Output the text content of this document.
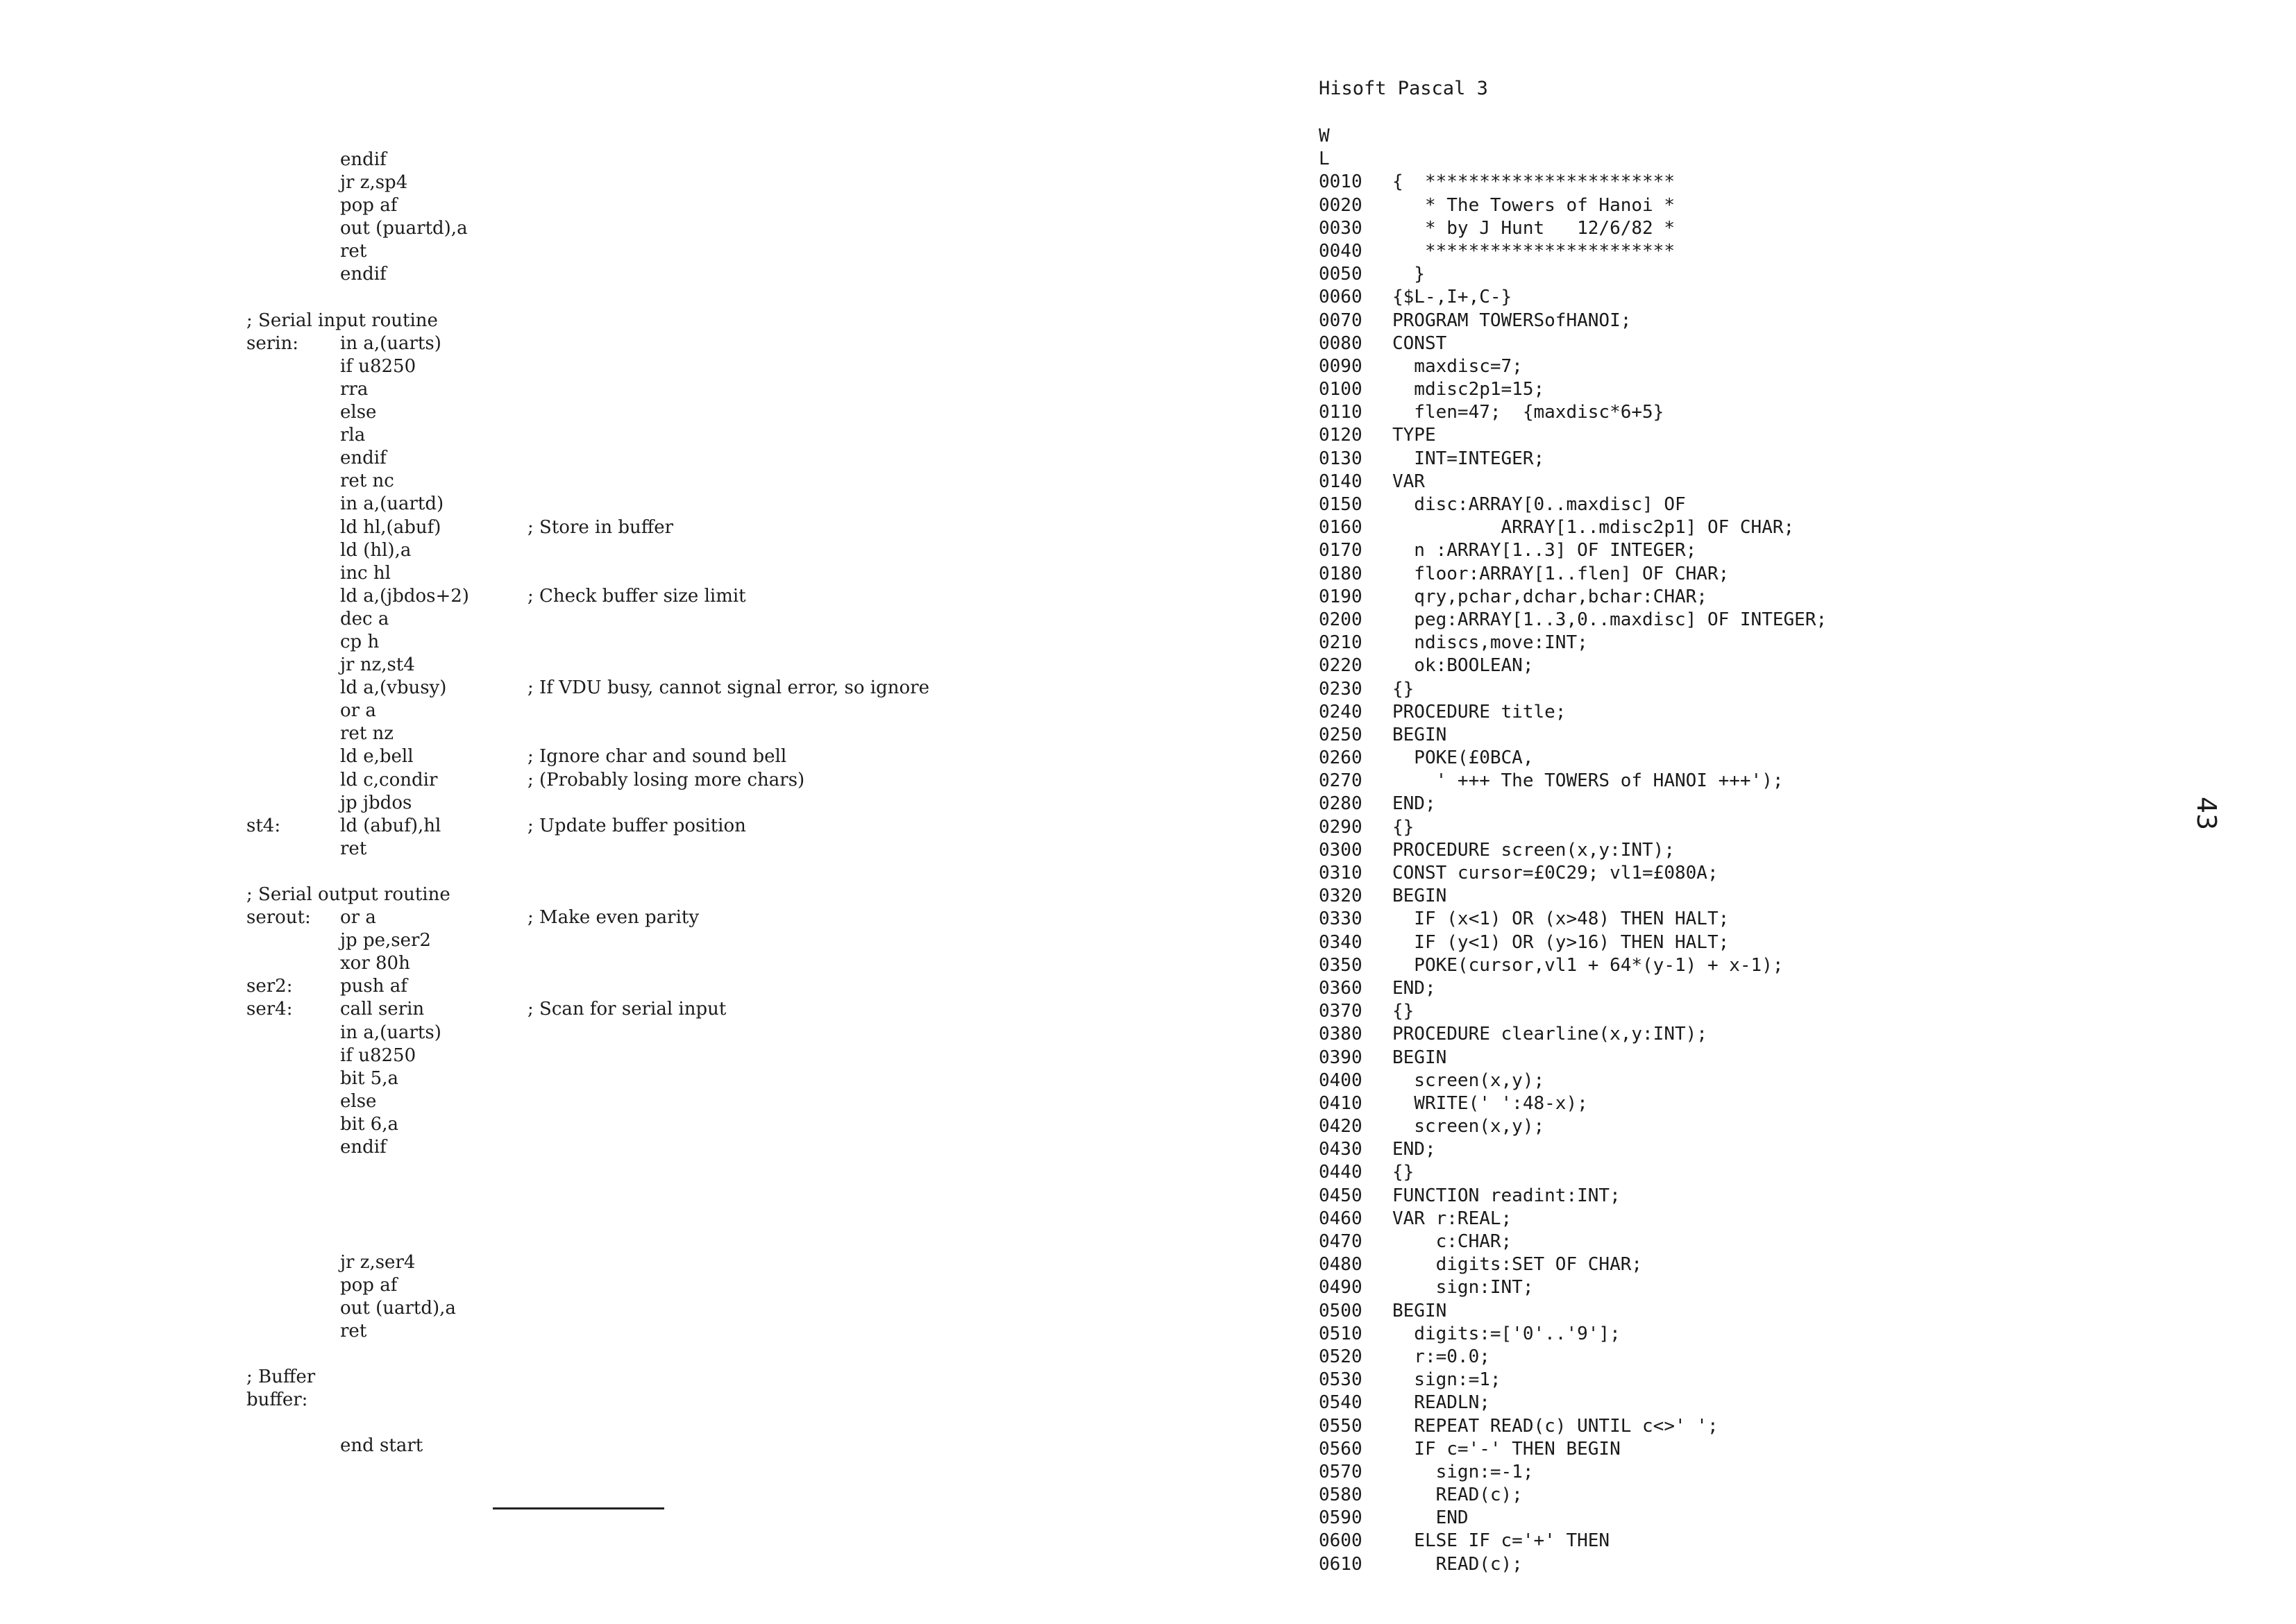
endif
jr z,sp4
pop af
out (puartd),a
ret
endif
; Serial input routine
serin:	in a,(uarts)
if u8250
rra
else
rla
endif
ret nc
in a,(uartd)
ld hl,(abuf)	; Store in buffer
ld (hl),a
inc hl
ld a,(jbdos+2)	; Check buffer size limit
dec a
cp h
jr nz,st4
ld a,(vbusy)	; If VDU busy, cannot signal error, so ignore
or a
ret nz
ld e,bell	; Ignore char and sound bell
ld c,condir	; (Probably losing more chars)
jp jbdos
st4:	ld (abuf),hl	; Update buffer position
ret
; Serial output routine
serout:	or a	; Make even parity
jp pe,ser2
xor 80h
ser2:	push af
ser4:	call serin	; Scan for serial input
in a,(uarts)
if u8250
bit 5,a
else
bit 6,a
endif
jr z,ser4
pop af
out (uartd),a
ret
; Buffer
buffer:
end start
Hisoft Pascal 3
W
L
0010	{  ***********************
0020	* The Towers of Hanoi *
0030	* by J Hunt   12/6/82 *
0040	***********************
0050	}
0060	{$L-,I+,C-}
0070	PROGRAM TOWERSofHANOI;
0080	CONST
0090	maxdisc=7;
0100	mdisc2p1=15;
0110	flen=47;  {maxdisc*6+5}
0120	TYPE
0130	INT=INTEGER;
0140	VAR
0150	disc:ARRAY[0..maxdisc] OF
0160	ARRAY[1..mdisc2p1] OF CHAR;
0170	n :ARRAY[1..3] OF INTEGER;
0180	floor:ARRAY[1..flen] OF CHAR;
0190	qry,pchar,dchar,bchar:CHAR;
0200	peg:ARRAY[1..3,0..maxdisc] OF INTEGER;
0210	ndiscs,move:INT;
0220	ok:BOOLEAN;
0230	{}
0240	PROCEDURE title;
0250	BEGIN
0260	POKE(£0BCA,
0270	' +++ The TOWERS of HANOI +++');
0280	END;
0290	{}
0300	PROCEDURE screen(x,y:INT);
0310	CONST cursor=£0C29; vl1=£080A;
0320	BEGIN
0330	IF (x<1) OR (x>48) THEN HALT;
0340	IF (y<1) OR (y>16) THEN HALT;
0350	POKE(cursor,vl1 + 64*(y-1) + x-1);
0360	END;
0370	{}
0380	PROCEDURE clearline(x,y:INT);
0390	BEGIN
0400	screen(x,y);
0410	WRITE(' ':48-x);
0420	screen(x,y);
0430	END;
0440	{}
0450	FUNCTION readint:INT;
0460	VAR r:REAL;
0470	c:CHAR;
0480	digits:SET OF CHAR;
0490	sign:INT;
0500	BEGIN
0510	digits:=['0'..'9'];
0520	r:=0.0;
0530	sign:=1;
0540	READLN;
0550	REPEAT READ(c) UNTIL c<>' ';
0560	IF c='-' THEN BEGIN
0570	sign:=-1;
0580	READ(c);
0590	END
0600	ELSE IF c='+' THEN
0610	READ(c);
43
